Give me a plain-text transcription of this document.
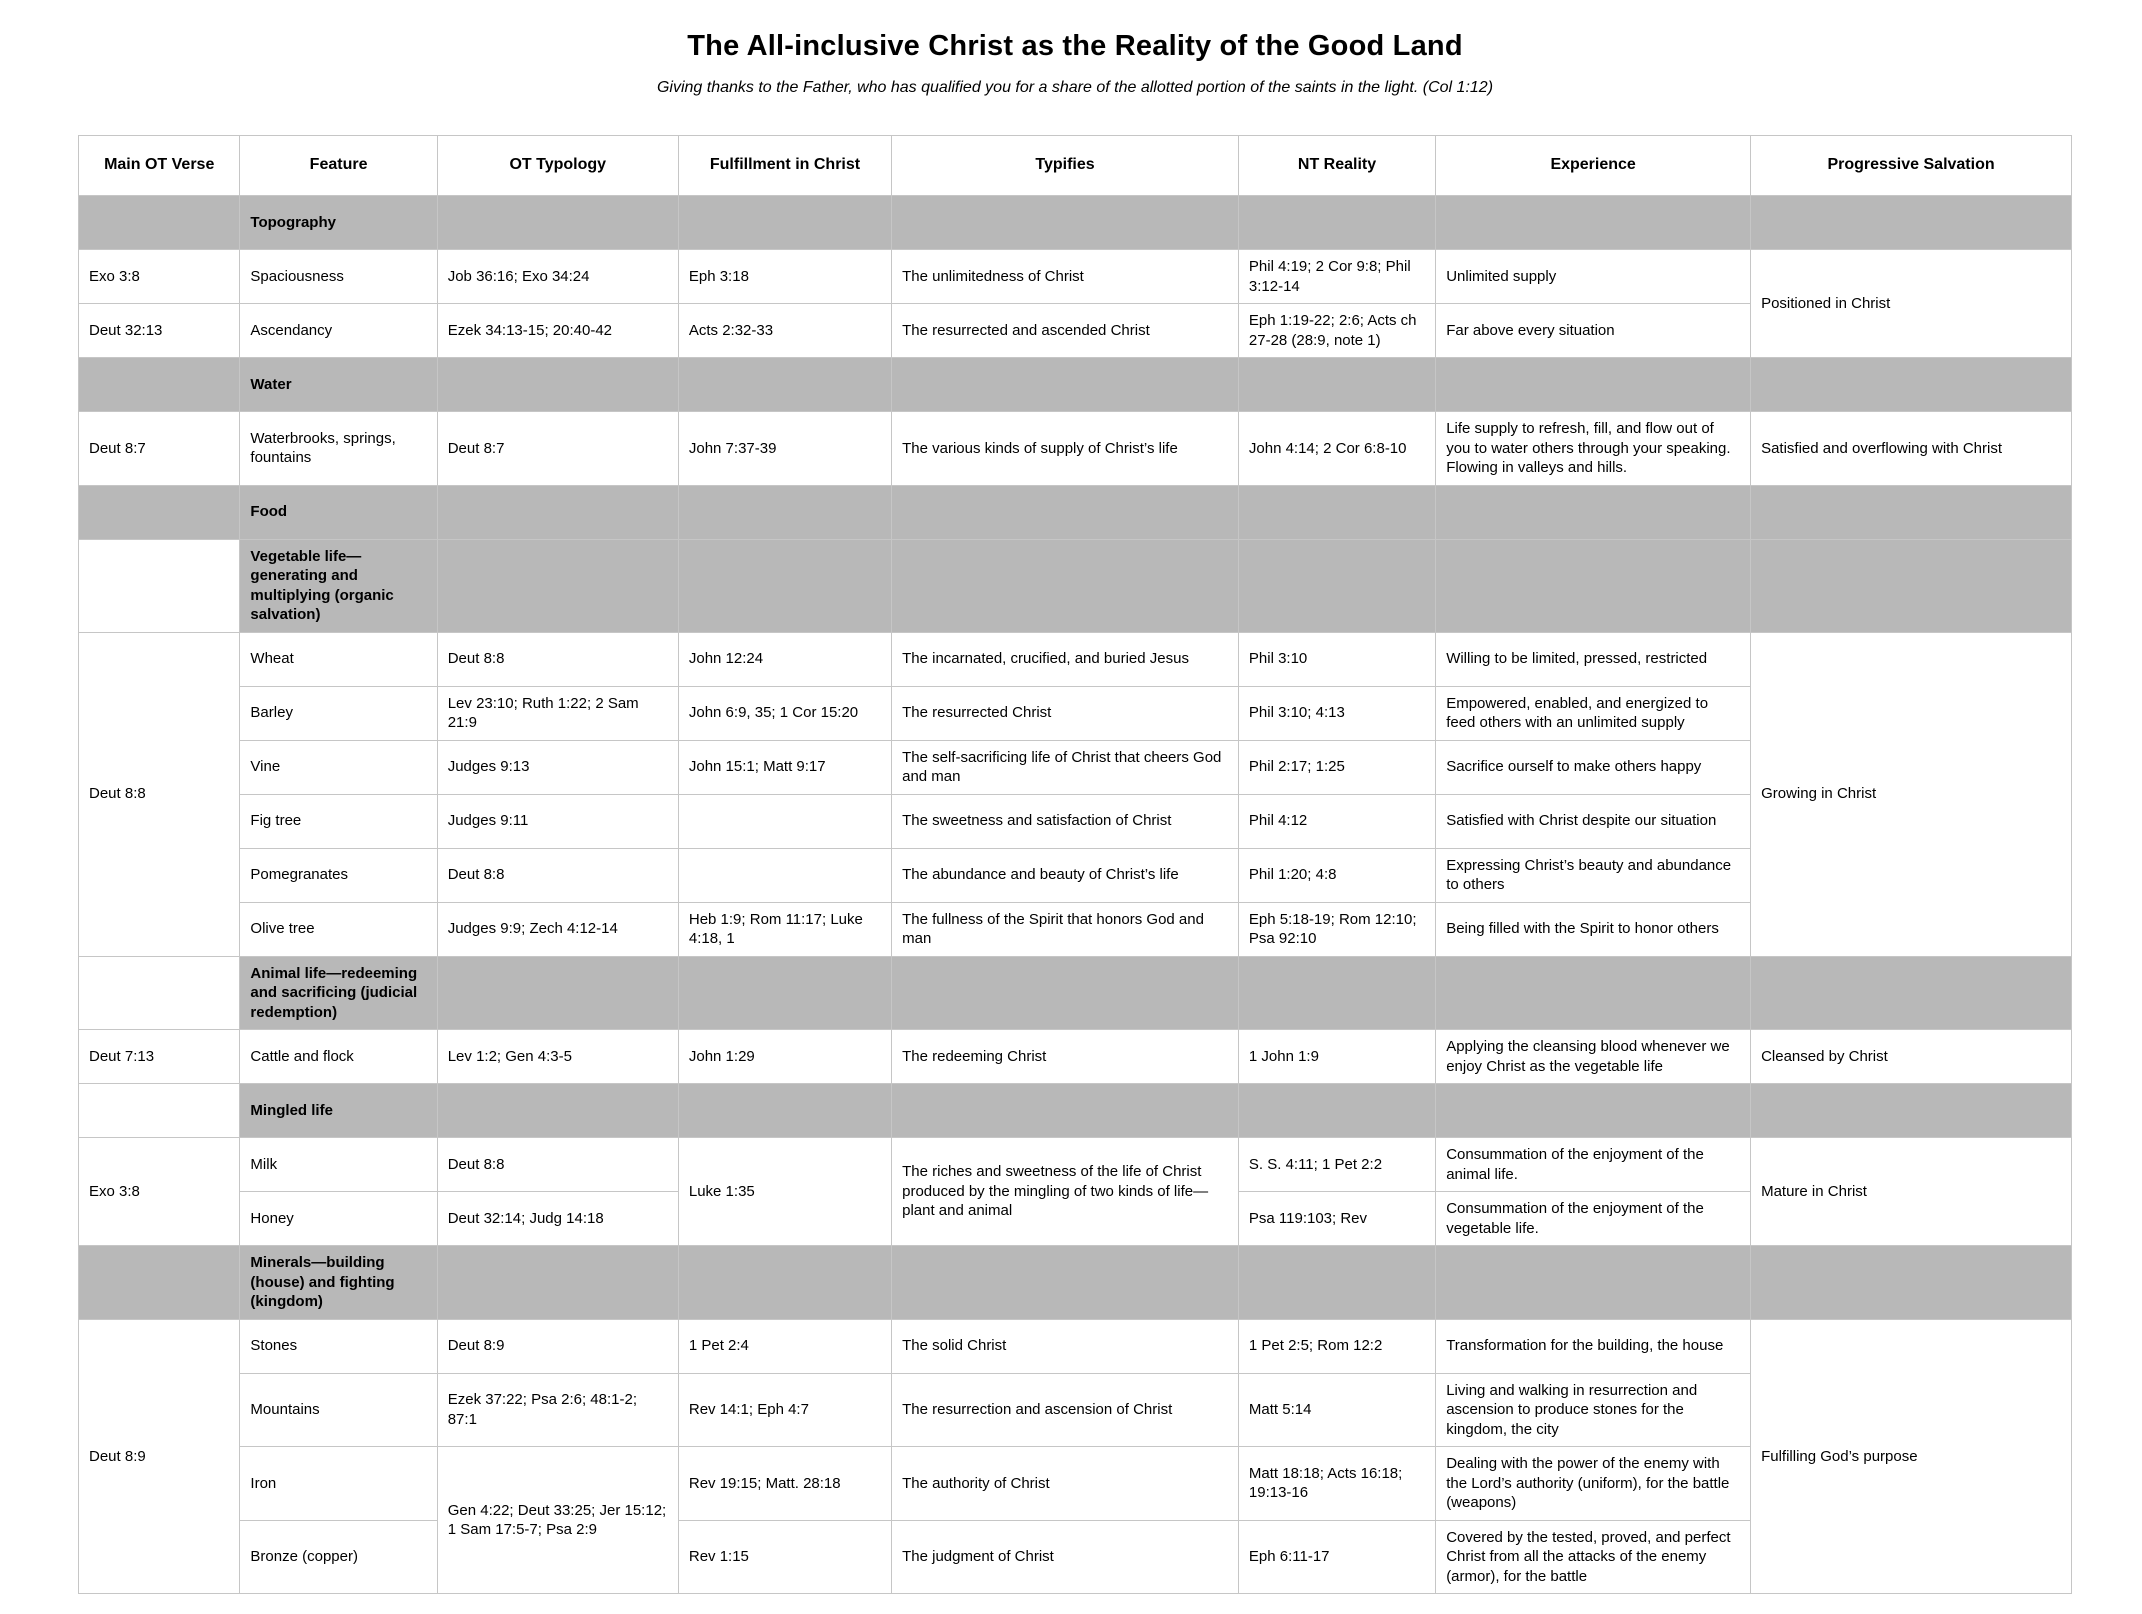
The All-inclusive Christ as the Reality of the Good Land
Giving thanks to the Father, who has qualified you for a share of the allotted portion of the saints in the light. (Col 1:12)
Main OT Verse	Feature	OT Typology	Fulfillment in Christ	Typifies	NT Reality	Experience	Progressive Salvation
	Topography						
Exo 3:8	Spaciousness	Job 36:16; Exo 34:24	Eph 3:18	The unlimitedness of Christ	Phil 4:19; 2 Cor 9:8; Phil 3:12-14	Unlimited supply	Positioned in Christ
Deut 32:13	Ascendancy	Ezek 34:13-15; 20:40-42	Acts 2:32-33	The resurrected and ascended Christ	Eph 1:19-22; 2:6; Acts ch 27-28 (28:9, note 1)	Far above every situation	
	Water						
Deut 8:7	Waterbrooks, springs, fountains	Deut 8:7	John 7:37-39	The various kinds of supply of Christ’s life	John 4:14; 2 Cor 6:8-10	Life supply to refresh, fill, and flow out of you to water others through your speaking. Flowing in valleys and hills.	Satisfied and overflowing with Christ
	Food						
	Vegetable life—generating and multiplying (organic salvation)						
Deut 8:8	Wheat	Deut 8:8	John 12:24	The incarnated, crucified, and buried Jesus	Phil 3:10	Willing to be limited, pressed, restricted	Growing in Christ
	Barley	Lev 23:10; Ruth 1:22; 2 Sam 21:9	John 6:9, 35; 1 Cor 15:20	The resurrected Christ	Phil 3:10; 4:13	Empowered, enabled, and energized to feed others with an unlimited supply	
	Vine	Judges 9:13	John 15:1; Matt 9:17	The self-sacrificing life of Christ that cheers God and man	Phil 2:17; 1:25	Sacrifice ourself to make others happy	
	Fig tree	Judges 9:11		The sweetness and satisfaction of Christ	Phil 4:12	Satisfied with Christ despite our situation	
	Pomegranates	Deut 8:8		The abundance and beauty of Christ’s life	Phil 1:20; 4:8	Expressing Christ’s beauty and abundance to others	
	Olive tree	Judges 9:9; Zech 4:12-14	Heb 1:9; Rom 11:17; Luke 4:18, 1	The fullness of the Spirit that honors God and man	Eph 5:18-19; Rom 12:10; Psa 92:10	Being filled with the Spirit to honor others	
	Animal life—redeeming and sacrificing (judicial redemption)						
Deut 7:13	Cattle and flock	Lev 1:2; Gen 4:3-5	John 1:29	The redeeming Christ	1 John 1:9	Applying the cleansing blood whenever we enjoy Christ as the vegetable life	Cleansed by Christ
	Mingled life						
Exo 3:8	Milk	Deut 8:8	Luke 1:35	The riches and sweetness of the life of Christ produced by the mingling of two kinds of life—plant and animal	S. S. 4:11; 1 Pet 2:2	Consummation of the enjoyment of the animal life.	Mature in Christ
	Honey	Deut 32:14; Judg 14:18			Psa 119:103; Rev	Consummation of the enjoyment of the vegetable life.	
	Minerals—building (house) and fighting (kingdom)						
Deut 8:9	Stones	Deut 8:9	1 Pet 2:4	The solid Christ	1 Pet 2:5; Rom 12:2	Transformation for the building, the house	Fulfilling God’s purpose
	Mountains	Ezek 37:22; Psa 2:6; 48:1-2; 87:1	Rev 14:1; Eph 4:7	The resurrection and ascension of Christ	Matt 5:14	Living and walking in resurrection and ascension to produce stones for the kingdom, the city	
	Iron	Gen 4:22; Deut 33:25; Jer 15:12; 1 Sam 17:5-7; Psa 2:9	Rev 19:15; Matt. 28:18	The authority of Christ	Matt 18:18; Acts 16:18; 19:13-16	Dealing with the power of the enemy with the Lord’s authority (uniform), for the battle (weapons)	
	Bronze (copper)		Rev 1:15	The judgment of Christ	Eph 6:11-17	Covered by the tested, proved, and perfect Christ from all the attacks of the enemy (armor), for the battle	
